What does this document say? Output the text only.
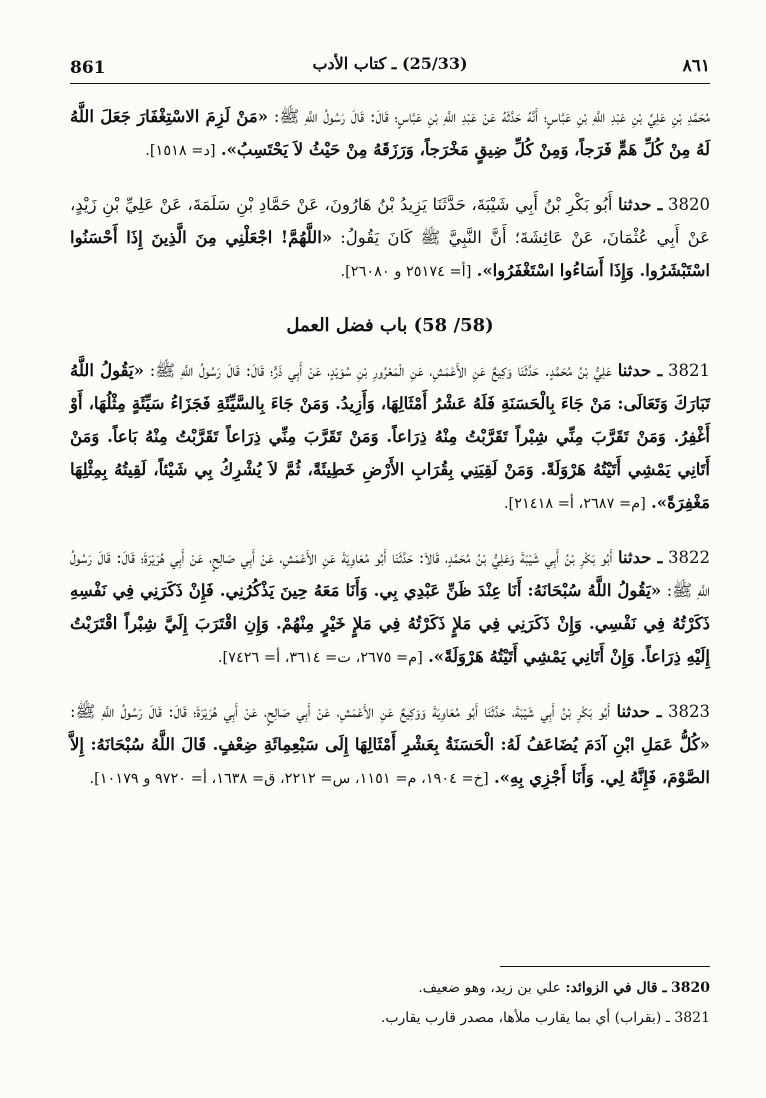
861	(25/33) ـ كتاب الأدب	٨٦١

مُحَمَّدِ بْنِ عَلِيِّ بْنِ عَبْدِ اللَّهِ بْنِ عَبَّاسٍ؛ أَنَّهُ حَدَّثَهُ عَنْ عَبْدِ اللَّهِ بْنِ عَبَّاسٍ؛ قَالَ: قَالَ رَسُولُ اللَّهِ ﷺ: «مَنْ لَزِمَ الاسْتِغْفَارَ جَعَلَ اللَّهُ لَهُ مِنْ كُلِّ هَمٍّ فَرَجاً، وَمِنْ كُلِّ ضِيقٍ مَخْرَجاً، وَرَزَقَهُ مِنْ حَيْثُ لاَ يَحْتَسِبُ». [د= ١٥١٨].

3820 ـ حدثنا أَبُو بَكْرِ بْنُ أَبِي شَيْبَةَ، حَدَّثَنَا يَزِيدُ بْنُ هَارُونَ، عَنْ حَمَّادِ بْنِ سَلَمَةَ، عَنْ عَلِيِّ بْنِ زَيْدٍ، عَنْ أَبِي عُثْمَانَ، عَنْ عَائِشَةَ؛ أَنَّ النَّبِيَّ ﷺ كَانَ يَقُولُ: «اللَّهُمَّ! اجْعَلْنِي مِنَ الَّذِينَ إِذَا أَحْسَنُوا اسْتَبْشَرُوا. وَإِذَا أَسَاءُوا اسْتَغْفَرُوا». [أ= ٢٥١٧٤ و ٢٦٠٨٠].

(58/ 58) باب فضل العمل

3821 ـ حدثنا عَلِيُّ بْنُ مُحَمَّدٍ. حَدَّثَنَا وَكِيعٌ عَنِ الأَعْمَشِ، عَنِ الْمَعْرُورِ بْنِ سُوَيْدٍ، عَنْ أَبِي ذَرٍّ؛ قَالَ: قَالَ رَسُولُ اللَّهِ ﷺ: «يَقُولُ اللَّهُ تَبَارَكَ وَتَعَالَى: مَنْ جَاءَ بِالْحَسَنَةِ فَلَهُ عَشْرُ أَمْثَالِهَا، وَأَزِيدُ. وَمَنْ جَاءَ بِالسَّيِّئَةِ فَجَزَاءُ سَيِّئَةٍ مِثْلُهَا، أَوْ أَغْفِرُ. وَمَنْ تَقَرَّبَ مِنِّي شِبْراً تَقَرَّبْتُ مِنْهُ ذِرَاعاً. وَمَنْ تَقَرَّبَ مِنِّي ذِرَاعاً تَقَرَّبْتُ مِنْهُ بَاعاً. وَمَنْ أَتَانِي يَمْشِي أَتَيْتُهُ هَرْوَلَةً. وَمَنْ لَقِيَنِي بِقُرَابِ الأَرْضِ خَطِيئَةً، ثُمَّ لاَ يُشْرِكُ بِي شَيْئاً، لَقِيتُهُ بِمِثْلِهَا مَغْفِرَةً». [م= ٢٦٨٧، أ= ٢١٤١٨].

3822 ـ حدثنا أَبُو بَكْرِ بْنُ أَبِي شَيْبَةَ وَعَلِيُّ بْنُ مُحَمَّدٍ، قَالاَ: حَدَّثَنَا أَبُو مُعَاوِيَةَ عَنِ الأَعْمَشِ، عَنْ أَبِي صَالِحٍ، عَنْ أَبِي هُرَيْرَةَ؛ قَالَ: قَالَ رَسُولُ اللَّهِ ﷺ: «يَقُولُ اللَّهُ سُبْحَانَهُ: أَنَا عِنْدَ ظَنِّ عَبْدِي بِي. وَأَنَا مَعَهُ حِينَ يَذْكُرُنِي. فَإِنْ ذَكَرَنِي فِي نَفْسِهِ ذَكَرْتُهُ فِي نَفْسِي. وَإِنْ ذَكَرَنِي فِي مَلإٍ ذَكَرْتُهُ فِي مَلإٍ خَيْرٍ مِنْهُمْ. وَإِنِ اقْتَرَبَ إِلَيَّ شِبْراً اقْتَرَبْتُ إِلَيْهِ ذِرَاعاً. وَإِنْ أَتَانِي يَمْشِي أَتَيْتُهُ هَرْوَلَةً». [م= ٢٦٧٥، ت= ٣٦١٤، أ= ٧٤٢٦].

3823 ـ حدثنا أَبُو بَكْرِ بْنُ أَبِي شَيْبَةَ، حَدَّثَنَا أَبُو مُعَاوِيَةَ وَوَكِيعٌ عَنِ الأَعْمَشِ، عَنْ أَبِي صَالِحٍ، عَنْ أَبِي هُرَيْرَةَ؛ قَالَ: قَالَ رَسُولُ اللَّهِ ﷺ: «كُلُّ عَمَلِ ابْنِ آدَمَ يُضَاعَفُ لَهُ: الْحَسَنَةُ بِعَشْرِ أَمْثَالِهَا إِلَى سَبْعِمِائَةِ ضِعْفٍ. قَالَ اللَّهُ سُبْحَانَهُ: إِلاَّ الصَّوْمَ، فَإِنَّهُ لِي. وَأَنَا أَجْزِي بِهِ». [خ= ١٩٠٤، م= ١١٥١، س= ٢٢١٢، ق= ١٦٣٨، أ= ٩٧٢٠ و ١٠١٧٩].

3820 ـ قال في الزوائد: علي بن زيد، وهو ضعيف.
3821 ـ (بقراب) أي بما يقارب ملأها، مصدر قارب يقارب.
